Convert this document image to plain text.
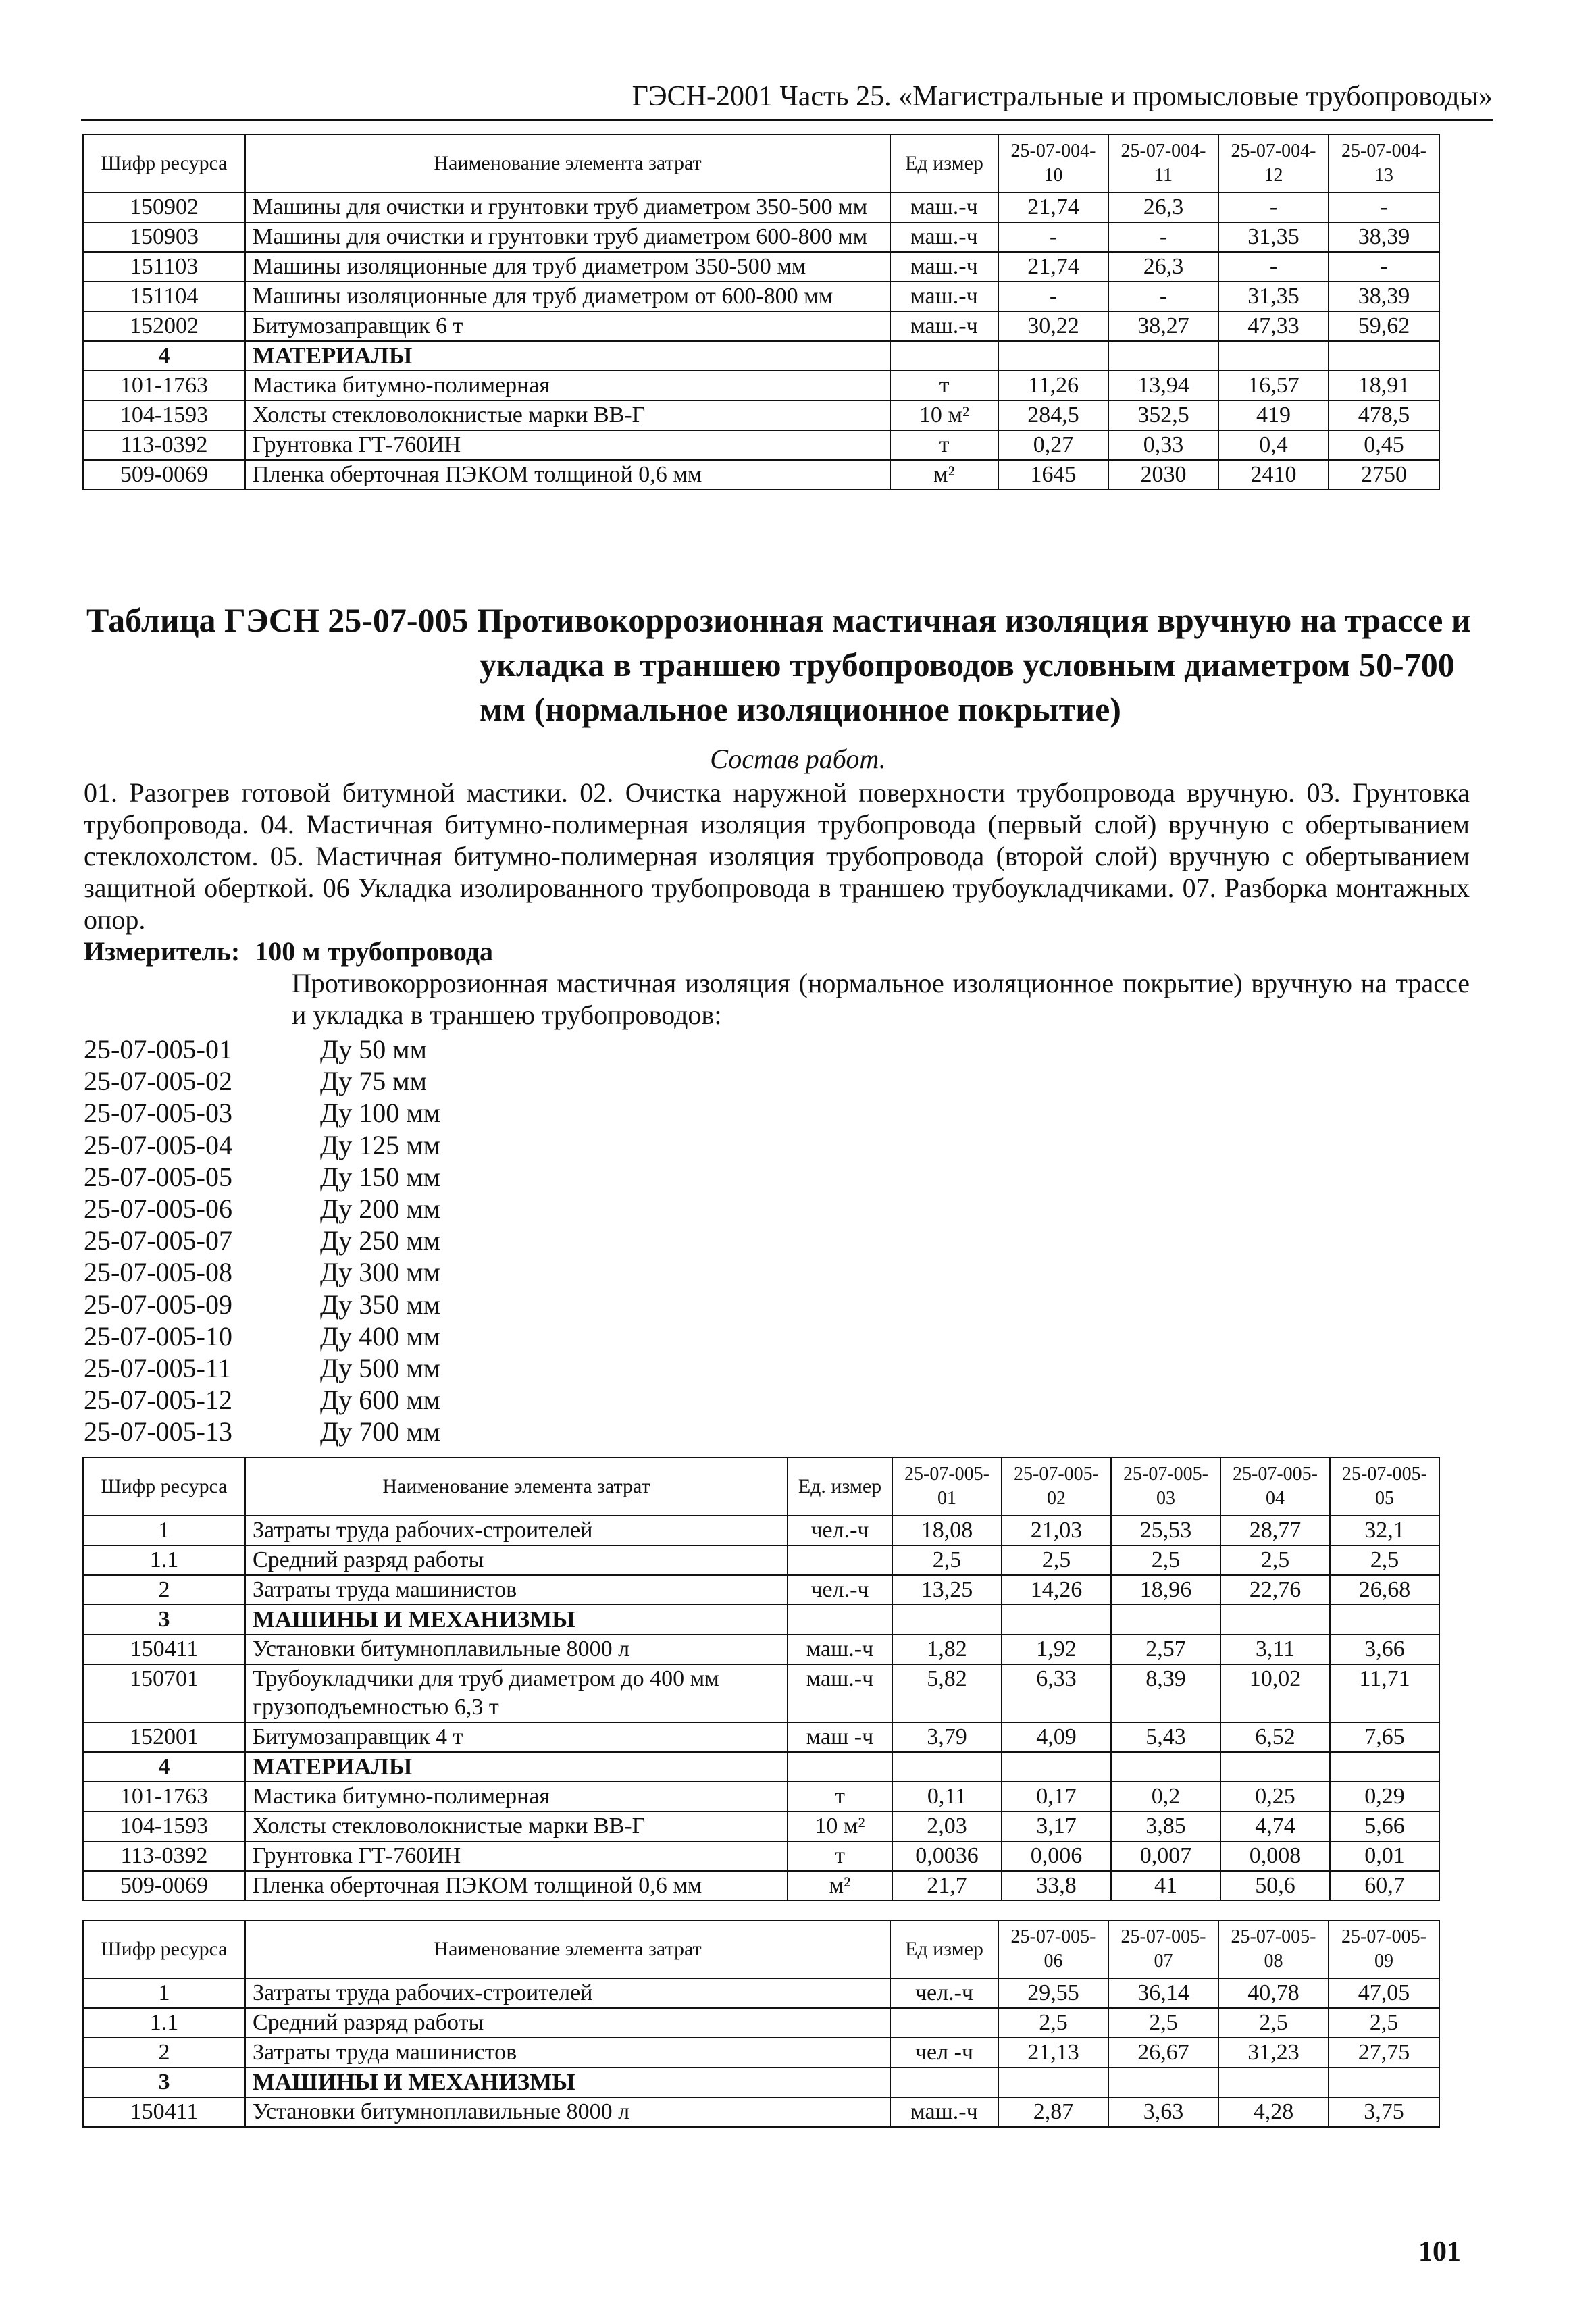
ГЭСН-2001 Часть 25. «Магистральные и промысловые трубопроводы»
Шифр ресурса	Наименование элемента затрат	Ед измер	25-07-004-10	25-07-004-11	25-07-004-12	25-07-004-13
150902	Машины для очистки и грунтовки труб диаметром 350-500 мм	маш.-ч	21,74	26,3	-	-
150903	Машины для очистки и грунтовки труб диаметром 600-800 мм	маш.-ч	-	-	31,35	38,39
151103	Машины изоляционные для труб диаметром 350-500 мм	маш.-ч	21,74	26,3	-	-
151104	Машины изоляционные для труб диаметром от 600-800 мм	маш.-ч	-	-	31,35	38,39
152002	Битумозаправщик 6 т	маш.-ч	30,22	38,27	47,33	59,62
4	МАТЕРИАЛЫ					
101-1763	Мастика битумно-полимерная	т	11,26	13,94	16,57	18,91
104-1593	Холсты стекловолокнистые марки ВВ-Г	10 м²	284,5	352,5	419	478,5
113-0392	Грунтовка ГТ-760ИН	т	0,27	0,33	0,4	0,45
509-0069	Пленка оберточная ПЭКОМ толщиной 0,6 мм	м²	1645	2030	2410	2750
Таблица ГЭСН 25-07-005 Противокоррозионная мастичная изоляция вручную на трассе и
укладка в траншею трубопроводов условным диаметром 50-700
мм (нормальное изоляционное покрытие)
Состав работ.
01. Разогрев готовой битумной мастики. 02. Очистка наружной поверхности трубопровода вручную. 03. Грунтовка трубопровода. 04. Мастичная битумно-полимерная изоляция трубопровода (первый слой) вручную с обертыванием стеклохолстом. 05. Мастичная битумно-полимерная изоляция трубопровода (второй слой) вручную с обертыванием защитной оберткой. 06 Укладка изолированного трубопровода в траншею трубоукладчиками. 07. Разборка монтажных опор.
Измеритель: 100 м трубопровода
Противокоррозионная мастичная изоляция (нормальное изоляционное покрытие) вручную на трассе и укладка в траншею трубопроводов:
25-07-005-01	Ду 50 мм
25-07-005-02	Ду 75 мм
25-07-005-03	Ду 100 мм
25-07-005-04	Ду 125 мм
25-07-005-05	Ду 150 мм
25-07-005-06	Ду 200 мм
25-07-005-07	Ду 250 мм
25-07-005-08	Ду 300 мм
25-07-005-09	Ду 350 мм
25-07-005-10	Ду 400 мм
25-07-005-11	Ду 500 мм
25-07-005-12	Ду 600 мм
25-07-005-13	Ду 700 мм
Шифр ресурса	Наименование элемента затрат	Ед. измер	25-07-005-01	25-07-005-02	25-07-005-03	25-07-005-04	25-07-005-05
1	Затраты труда рабочих-строителей	чел.-ч	18,08	21,03	25,53	28,77	32,1
1.1	Средний разряд работы		2,5	2,5	2,5	2,5	2,5
2	Затраты труда машинистов	чел.-ч	13,25	14,26	18,96	22,76	26,68
3	МАШИНЫ И МЕХАНИЗМЫ						
150411	Установки битумноплавильные 8000 л	маш.-ч	1,82	1,92	2,57	3,11	3,66
150701	Трубоукладчики для труб диаметром до 400 мм грузоподъемностью 6,3 т	маш.-ч	5,82	6,33	8,39	10,02	11,71
152001	Битумозаправщик 4 т	маш -ч	3,79	4,09	5,43	6,52	7,65
4	МАТЕРИАЛЫ						
101-1763	Мастика битумно-полимерная	т	0,11	0,17	0,2	0,25	0,29
104-1593	Холсты стекловолокнистые марки ВВ-Г	10 м²	2,03	3,17	3,85	4,74	5,66
113-0392	Грунтовка ГТ-760ИН	т	0,0036	0,006	0,007	0,008	0,01
509-0069	Пленка оберточная ПЭКОМ толщиной 0,6 мм	м²	21,7	33,8	41	50,6	60,7
Шифр ресурса	Наименование элемента затрат	Ед измер	25-07-005-06	25-07-005-07	25-07-005-08	25-07-005-09
1	Затраты труда рабочих-строителей	чел.-ч	29,55	36,14	40,78	47,05
1.1	Средний разряд работы		2,5	2,5	2,5	2,5
2	Затраты труда машинистов	чел -ч	21,13	26,67	31,23	27,75
3	МАШИНЫ И МЕХАНИЗМЫ					
150411	Установки битумноплавильные 8000 л	маш.-ч	2,87	3,63	4,28	3,75
101
